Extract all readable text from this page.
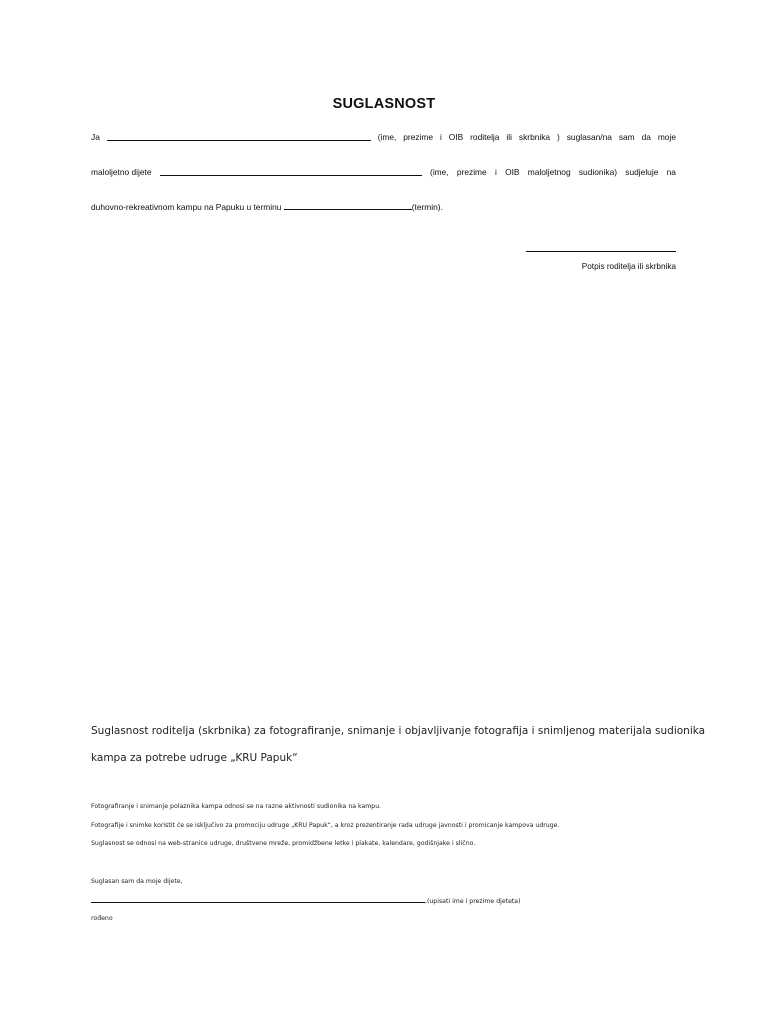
SUGLASNOST
Ja	(ime, prezime i OIB roditelja ili skrbnika ) suglasan/na sam da moje
maloljetno dijete	(ime, prezime i OIB maloljetnog sudionika) sudjeluje na
duhovno-rekreativnom kampu na Papuku u terminu	(termin).
Potpis roditelja ili skrbnika
Suglasnost roditelja (skrbnika) za fotografiranje, snimanje i objavljivanje fotografija i snimljenog materijala sudionika
kampa za potrebe udruge „KRU Papuk“
Fotografiranje i snimanje polaznika kampa odnosi se na razne aktivnosti sudionika na kampu.
Fotografije i snimke koristit će se isključivo za promociju udruge „KRU Papuk“, a kroz prezentiranje rada udruge javnosti i promicanje kampova udruge.
Suglasnost se odnosi na web-stranice udruge, društvene mreže, promidžbene letke i plakate, kalendare, godišnjake i slično.
Suglasan sam da moje dijete,
,(upisati ime i prezime djeteta)
rođeno
